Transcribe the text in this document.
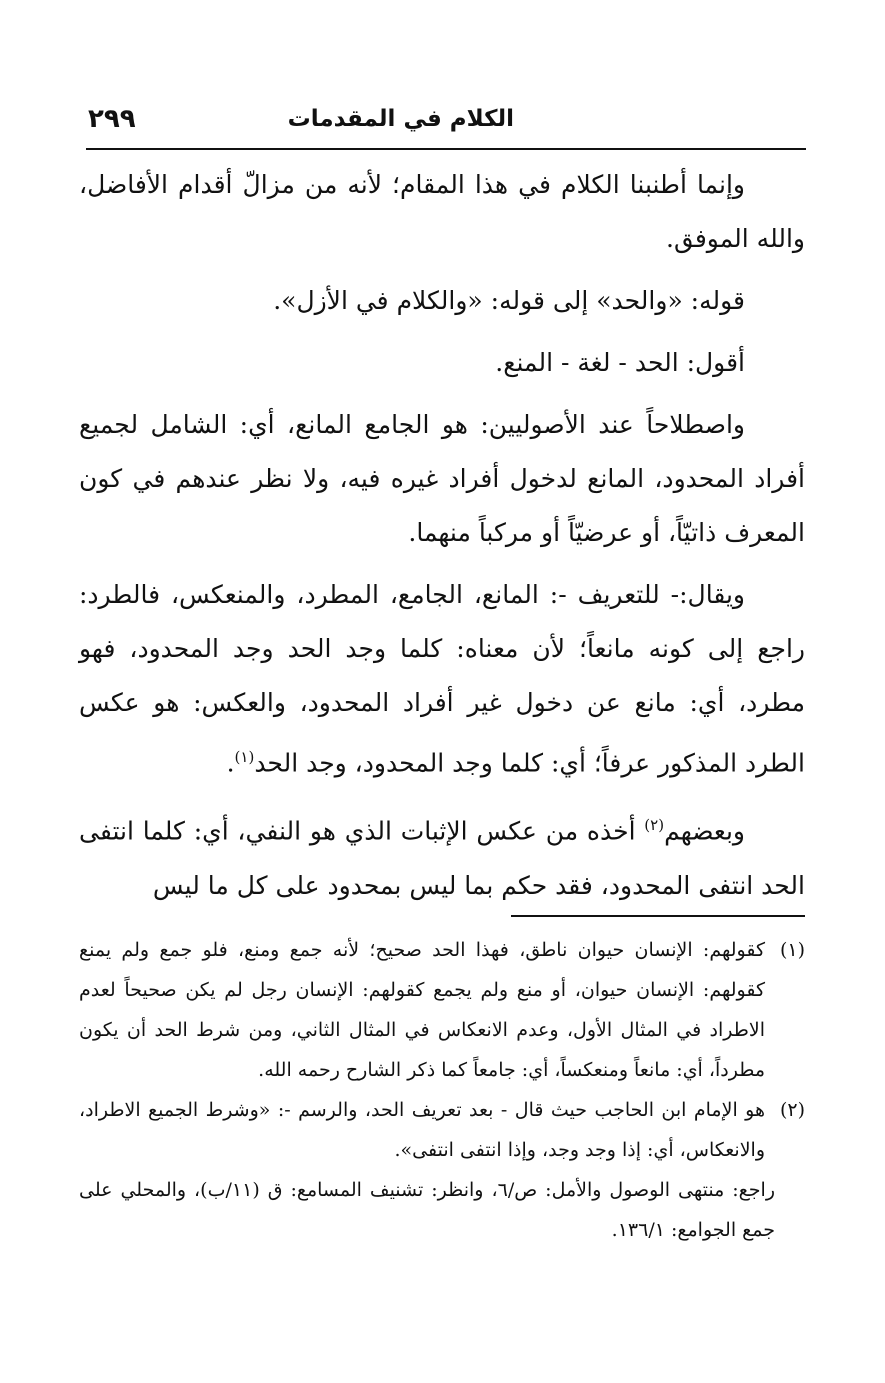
الكلام في المقدمات
٢٩٩

وإنما أطنبنا الكلام في هذا المقام؛ لأنه من مزالّ أقدام الأفاضل، والله الموفق.

قوله: «والحد» إلى قوله: «والكلام في الأزل».

أقول: الحد - لغة - المنع.

واصطلاحاً عند الأصوليين: هو الجامع المانع، أي: الشامل لجميع أفراد المحدود، المانع لدخول أفراد غيره فيه، ولا نظر عندهم في كون المعرف ذاتيّاً، أو عرضيّاً أو مركباً منهما.

ويقال:- للتعريف -: المانع، الجامع، المطرد، والمنعكس، فالطرد: راجع إلى كونه مانعاً؛ لأن معناه: كلما وجد الحد وجد المحدود، فهو مطرد، أي: مانع عن دخول غير أفراد المحدود، والعكس: هو عكس الطرد المذكور عرفاً؛ أي: كلما وجد المحدود، وجد الحد$^{(١)}$.

وبعضهم$^{(٢)}$ أخذه من عكس الإثبات الذي هو النفي، أي: كلما انتفى الحد انتفى المحدود، فقد حكم بما ليس بمحدود على كل ما ليس

(١)
كقولهم: الإنسان حيوان ناطق، فهذا الحد صحيح؛ لأنه جمع ومنع، فلو جمع ولم يمنع كقولهم: الإنسان حيوان، أو منع ولم يجمع كقولهم: الإنسان رجل لم يكن صحيحاً لعدم الاطراد في المثال الأول، وعدم الانعكاس في المثال الثاني، ومن شرط الحد أن يكون مطرداً، أي: مانعاً ومنعكساً، أي: جامعاً كما ذكر الشارح رحمه الله.
(٢)
هو الإمام ابن الحاجب حيث قال - بعد تعريف الحد، والرسم -: «وشرط الجميع الاطراد، والانعكاس، أي: إذا وجد وجد، وإذا انتفى انتفى».

راجع: منتهى الوصول والأمل: ص/٦، وانظر: تشنيف المسامع: ق (١١/ب)، والمحلي على جمع الجوامع: ١٣٦/١.
